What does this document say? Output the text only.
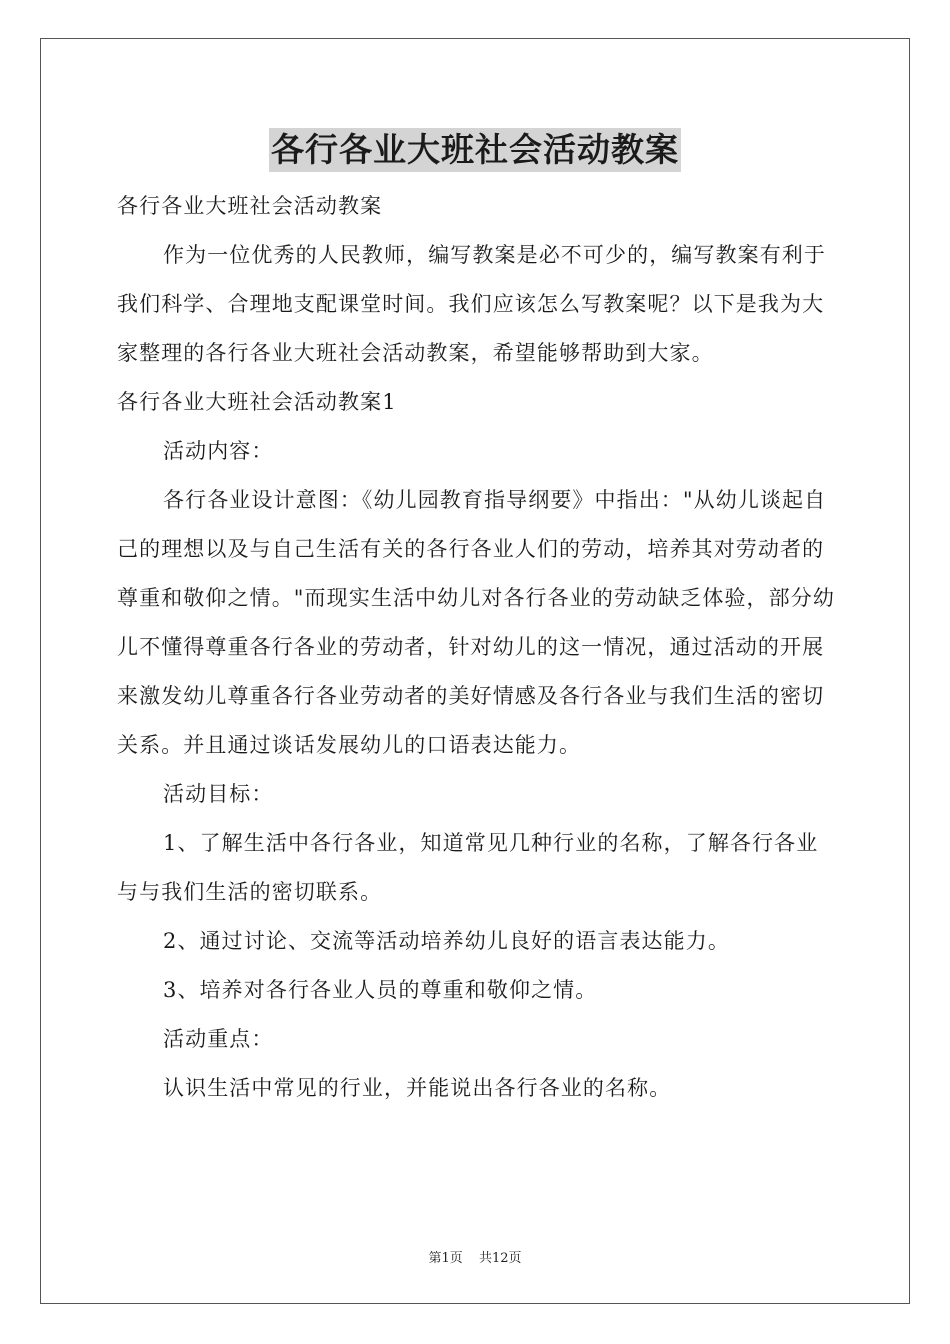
各行各业大班社会活动教案

各行各业大班社会活动教案

作为一位优秀的人民教师，编写教案是必不可少的，编写教案有利于我们科学、合理地支配课堂时间。我们应该怎么写教案呢？以下是我为大家整理的各行各业大班社会活动教案，希望能够帮助到大家。

各行各业大班社会活动教案1

活动内容：

各行各业设计意图：《幼儿园教育指导纲要》中指出："从幼儿谈起自己的理想以及与自己生活有关的各行各业人们的劳动，培养其对劳动者的尊重和敬仰之情。"而现实生活中幼儿对各行各业的劳动缺乏体验，部分幼儿不懂得尊重各行各业的劳动者，针对幼儿的这一情况，通过活动的开展来激发幼儿尊重各行各业劳动者的美好情感及各行各业与我们生活的密切关系。并且通过谈话发展幼儿的口语表达能力。

活动目标：

1、了解生活中各行各业，知道常见几种行业的名称，了解各行各业与与我们生活的密切联系。

2、通过讨论、交流等活动培养幼儿良好的语言表达能力。

3、培养对各行各业人员的尊重和敬仰之情。

活动重点：

认识生活中常见的行业，并能说出各行各业的名称。

第1页 共12页
